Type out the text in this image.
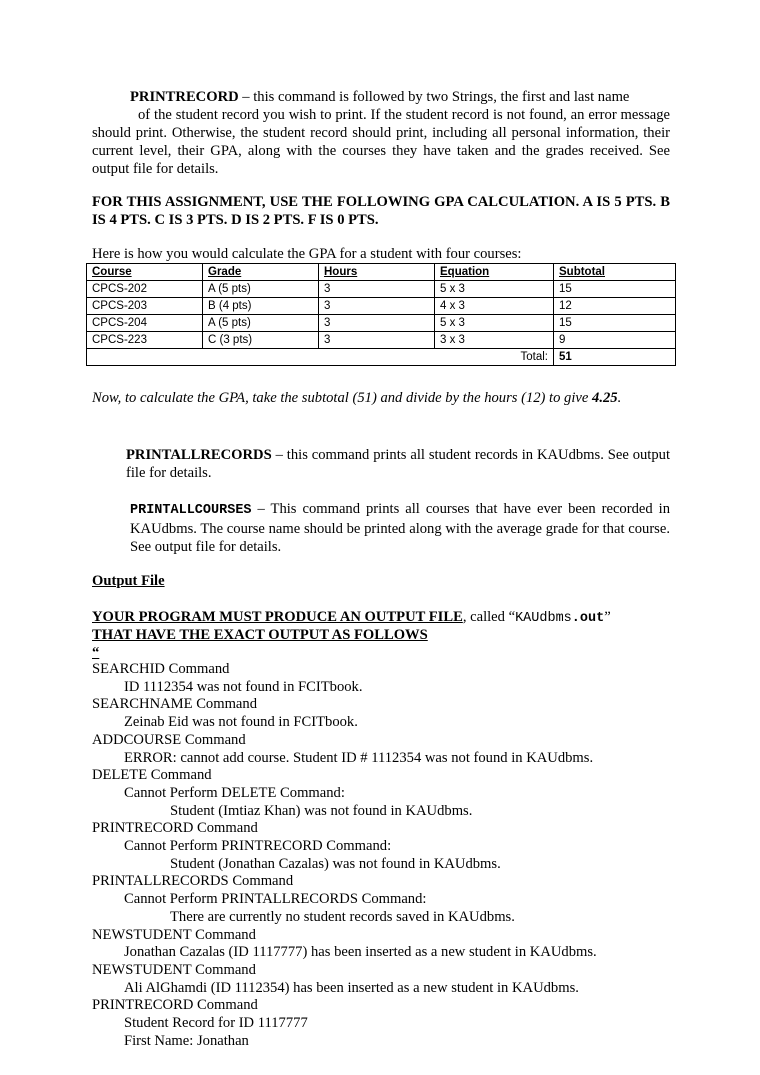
PRINTRECORD – this command is followed by two Strings, the first and last name
of the student record you wish to print. If the student record is not found, an error message should print. Otherwise, the student record should print, including all personal information, their current level, their GPA, along with the courses they have taken and the grades received. See output file for details.
FOR THIS ASSIGNMENT, USE THE FOLLOWING GPA CALCULATION. A IS 5 PTS. B IS 4 PTS. C IS 3 PTS. D IS 2 PTS. F IS 0 PTS.
Here is how you would calculate the GPA for a student with four courses:
Course	Grade	Hours	Equation	Subtotal
CPCS-202	A (5 pts)	3	5 x 3	15
CPCS-203	B (4 pts)	3	4 x 3	12
CPCS-204	A (5 pts)	3	5 x 3	15
CPCS-223	C (3 pts)	3	3 x 3	9
Total:				51
Now, to calculate the GPA, take the subtotal (51) and divide by the hours (12) to give 4.25.
PRINTALLRECORDS – this command prints all student records in KAUdbms. See output file for details.
PRINTALLCOURSES – This command prints all courses that have ever been recorded in KAUdbms. The course name should be printed along with the average grade for that course. See output file for details.
Output File
YOUR PROGRAM MUST PRODUCE AN OUTPUT FILE, called “KAUdbms.out”
THAT HAVE THE EXACT OUTPUT AS FOLLOWS
“
SEARCHID Command
ID 1112354 was not found in FCITbook.
SEARCHNAME Command
Zeinab Eid was not found in FCITbook.
ADDCOURSE Command
ERROR: cannot add course. Student ID # 1112354 was not found in KAUdbms.
DELETE Command
Cannot Perform DELETE Command:
Student (Imtiaz Khan) was not found in KAUdbms.
PRINTRECORD Command
Cannot Perform PRINTRECORD Command:
Student (Jonathan Cazalas) was not found in KAUdbms.
PRINTALLRECORDS Command
Cannot Perform PRINTALLRECORDS Command:
There are currently no student records saved in KAUdbms.
NEWSTUDENT Command
Jonathan Cazalas (ID 1117777) has been inserted as a new student in KAUdbms.
NEWSTUDENT Command
Ali AlGhamdi (ID 1112354) has been inserted as a new student in KAUdbms.
PRINTRECORD Command
Student Record for ID 1117777
First Name: Jonathan
